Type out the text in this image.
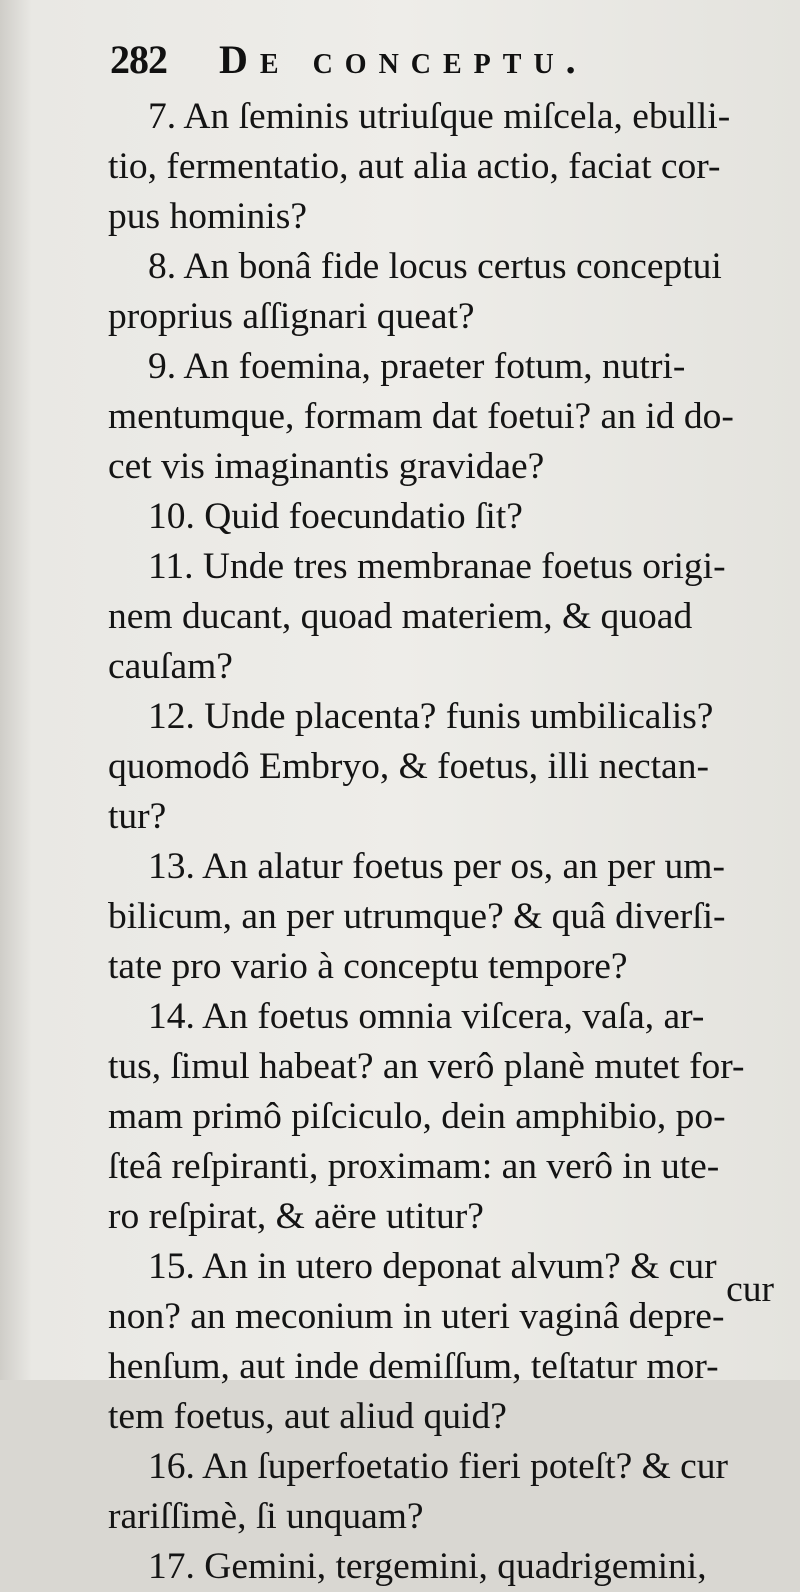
282 De conceptu.

7. An ſeminis utriuſque miſcela, ebulli-
tio, fermentatio, aut alia actio, faciat cor-
pus hominis?

8. An bonâ fide locus certus conceptui
proprius aſſignari queat?

9. An foemina, praeter fotum, nutri-
mentumque, formam dat foetui? an id do-
cet vis imaginantis gravidae?

10. Quid foecundatio ſit?

11. Unde tres membranae foetus origi-
nem ducant, quoad materiem, & quoad
cauſam?

12. Unde placenta? funis umbilicalis?
quomodô Embryo, & foetus, illi nectan-
tur?

13. An alatur foetus per os, an per um-
bilicum, an per utrumque? & quâ diverſi-
tate pro vario à conceptu tempore?

14. An foetus omnia viſcera, vaſa, ar-
tus, ſimul habeat? an verô planè mutet for-
mam primô piſciculo, dein amphibio, po-
ſteâ reſpiranti, proximam: an verô in ute-
ro reſpirat, & aëre utitur?

15. An in utero deponat alvum? & cur
non? an meconium in uteri vaginâ depre-
henſum, aut inde demiſſum, teſtatur mor-
tem foetus, aut aliud quid?

16. An ſuperfoetatio fieri poteſt? & cur
rariſſimè, ſi unquam?

17. Gemini, tergemini, quadrigemini,

cur
